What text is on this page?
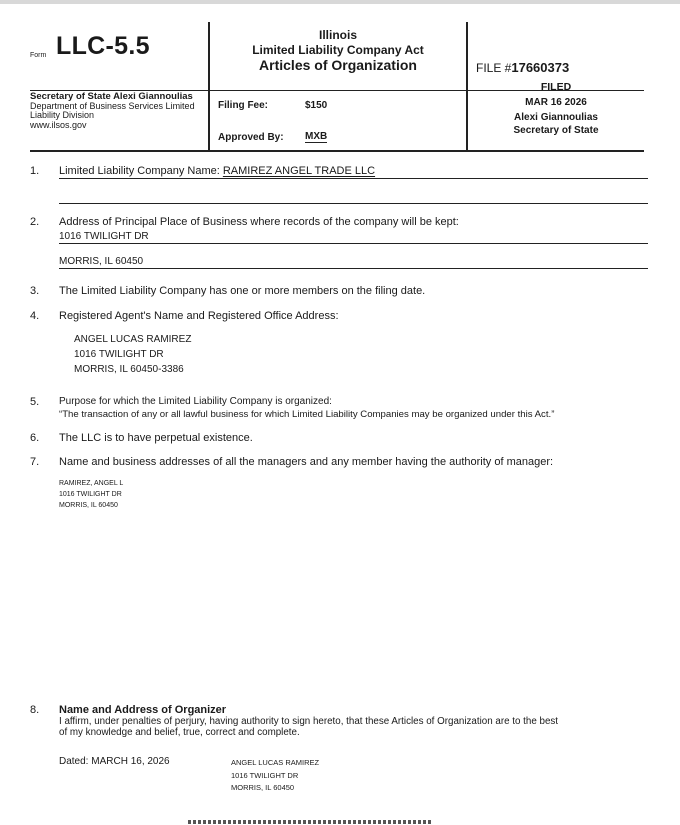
Form LLC-5.5	Illinois
Limited Liability Company Act
Articles of Organization	FILE #17660373
Secretary of State Alexi Giannoulias
Department of Business Services Limited
Liability Division
www.ilsos.gov
Filing Fee:	$150
Approved By: MXB
FILED
MAR 16 2026
Alexi Giannoulias
Secretary of State
1. Limited Liability Company Name: RAMIREZ ANGEL TRADE LLC
2. Address of Principal Place of Business where records of the company will be kept:
1016 TWILIGHT DR
MORRIS, IL 60450
3. The Limited Liability Company has one or more members on the filing date.
4. Registered Agent's Name and Registered Office Address:
ANGEL LUCAS RAMIREZ
1016 TWILIGHT DR
MORRIS, IL 60450-3386
5. Purpose for which the Limited Liability Company is organized:
“The transaction of any or all lawful business for which Limited Liability Companies may be organized under this Act.”
6. The LLC is to have perpetual existence.
7. Name and business addresses of all the managers and any member having the authority of manager:
RAMIREZ, ANGEL L
1016 TWILIGHT DR
MORRIS, IL 60450
8. Name and Address of Organizer
I affirm, under penalties of perjury, having authority to sign hereto, that these Articles of Organization are to the best
of my knowledge and belief, true, correct and complete.
Dated: MARCH 16, 2026	ANGEL LUCAS RAMIREZ
1016 TWILIGHT DR
MORRIS, IL 60450
